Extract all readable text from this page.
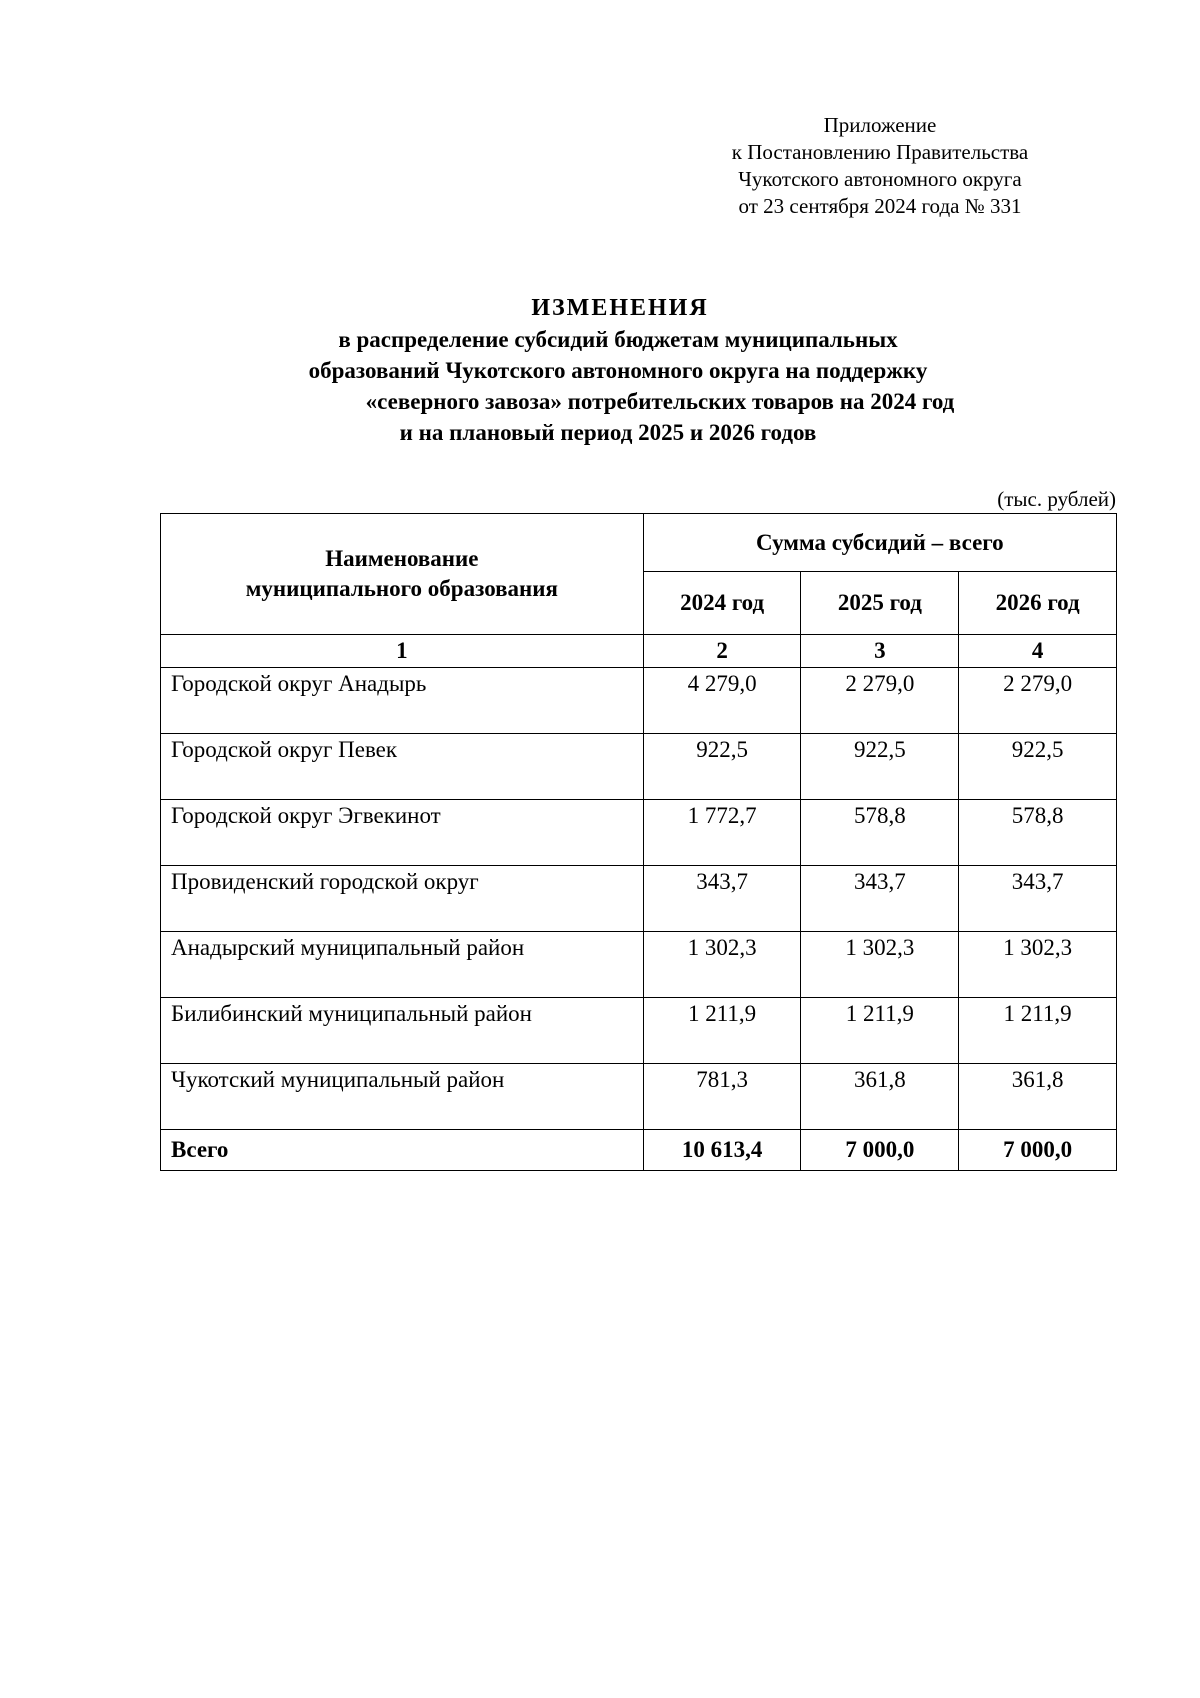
Приложение
к Постановлению Правительства
Чукотского автономного округа
от 23 сентября 2024 года № 331
ИЗМЕНЕНИЯ
в распределение субсидий бюджетам муниципальных
образований Чукотского автономного округа на поддержку
«северного завоза» потребительских товаров на 2024 год
и на плановый период 2025 и 2026 годов
(тыс. рублей)
Наименование
муниципального образования	Сумма субсидий – всего		
	2024 год	2025 год	2026 год
1	2	3	4
Городской округ Анадырь	4 279,0	2 279,0	2 279,0
Городской округ Певек	922,5	922,5	922,5
Городской округ Эгвекинот	1 772,7	578,8	578,8
Провиденский городской округ	343,7	343,7	343,7
Анадырский муниципальный район	1 302,3	1 302,3	1 302,3
Билибинский муниципальный район	1 211,9	1 211,9	1 211,9
Чукотский муниципальный район	781,3	361,8	361,8
Всего	10 613,4	7 000,0	7 000,0
